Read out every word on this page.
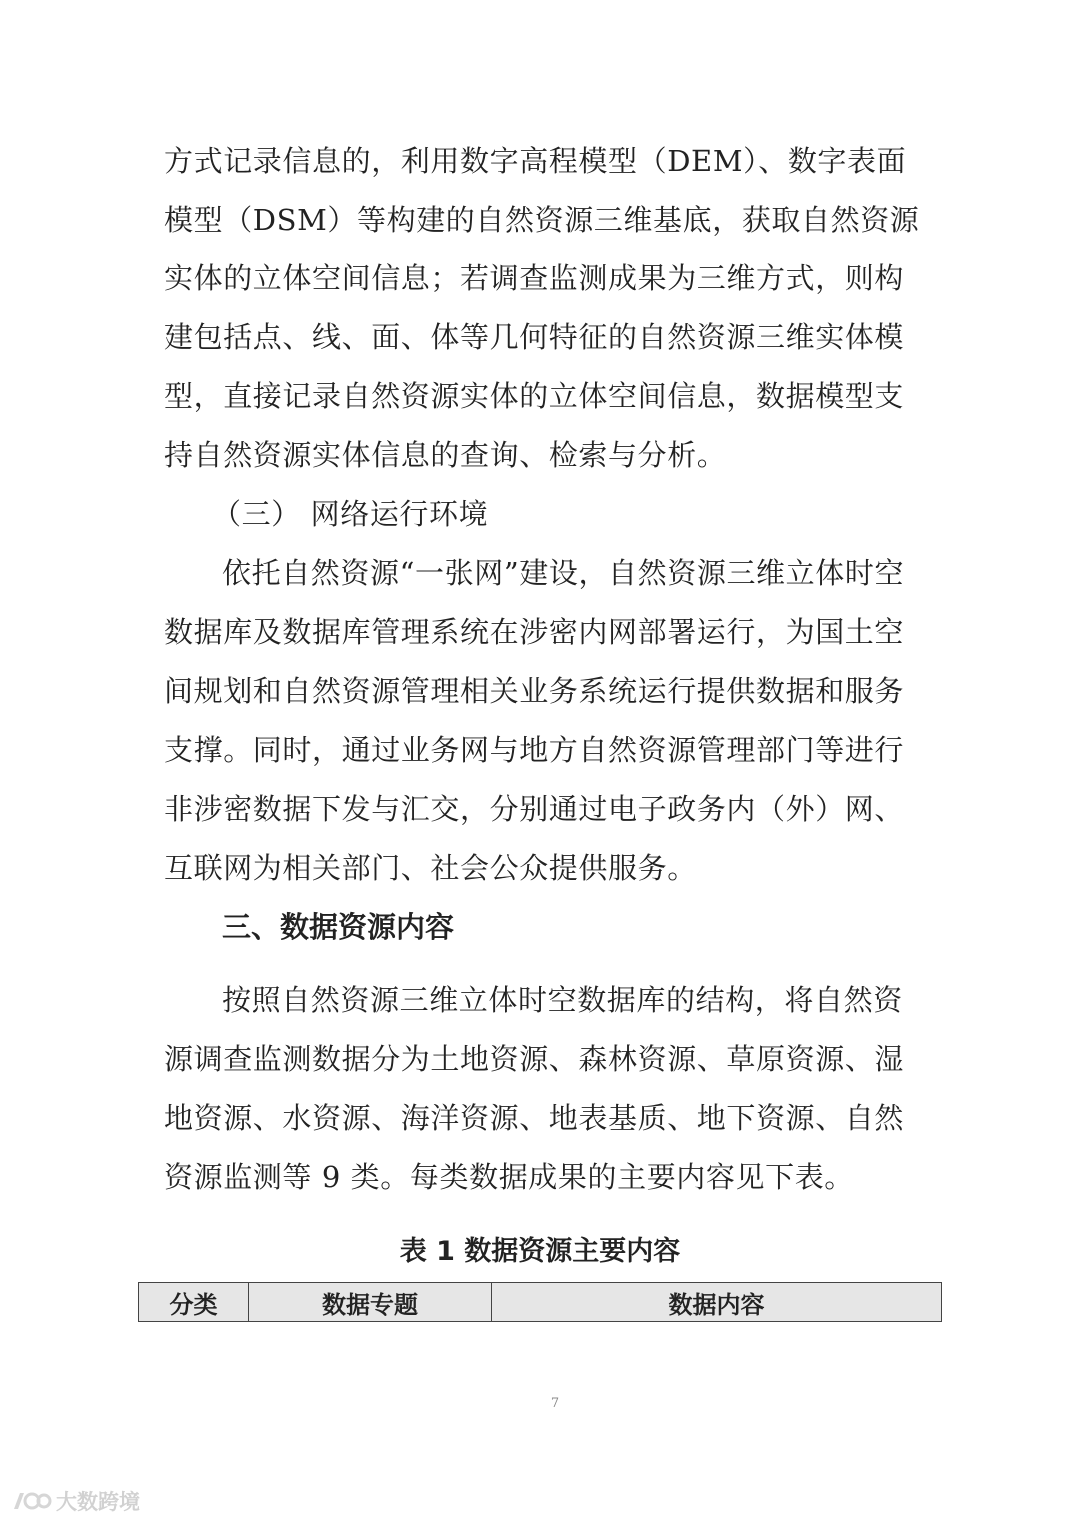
方式记录信息的，利用数字高程模型（DEM）、数字表面
模型（DSM）等构建的自然资源三维基底，获取自然资源
实体的立体空间信息；若调查监测成果为三维方式，则构
建包括点、线、面、体等几何特征的自然资源三维实体模
型，直接记录自然资源实体的立体空间信息，数据模型支
持自然资源实体信息的查询、检索与分析。
（三） 网络运行环境
依托自然资源“一张网”建设，自然资源三维立体时空
数据库及数据库管理系统在涉密内网部署运行，为国土空
间规划和自然资源管理相关业务系统运行提供数据和服务
支撑。同时，通过业务网与地方自然资源管理部门等进行
非涉密数据下发与汇交，分别通过电子政务内（外）网、
互联网为相关部门、社会公众提供服务。
三、数据资源内容
按照自然资源三维立体时空数据库的结构，将自然资
源调查监测数据分为土地资源、森林资源、草原资源、湿
地资源、水资源、海洋资源、地表基质、地下资源、自然
资源监测等 9 类。每类数据成果的主要内容见下表。
表 1 数据资源主要内容
分类	数据专题	数据内容
7
大数跨境
